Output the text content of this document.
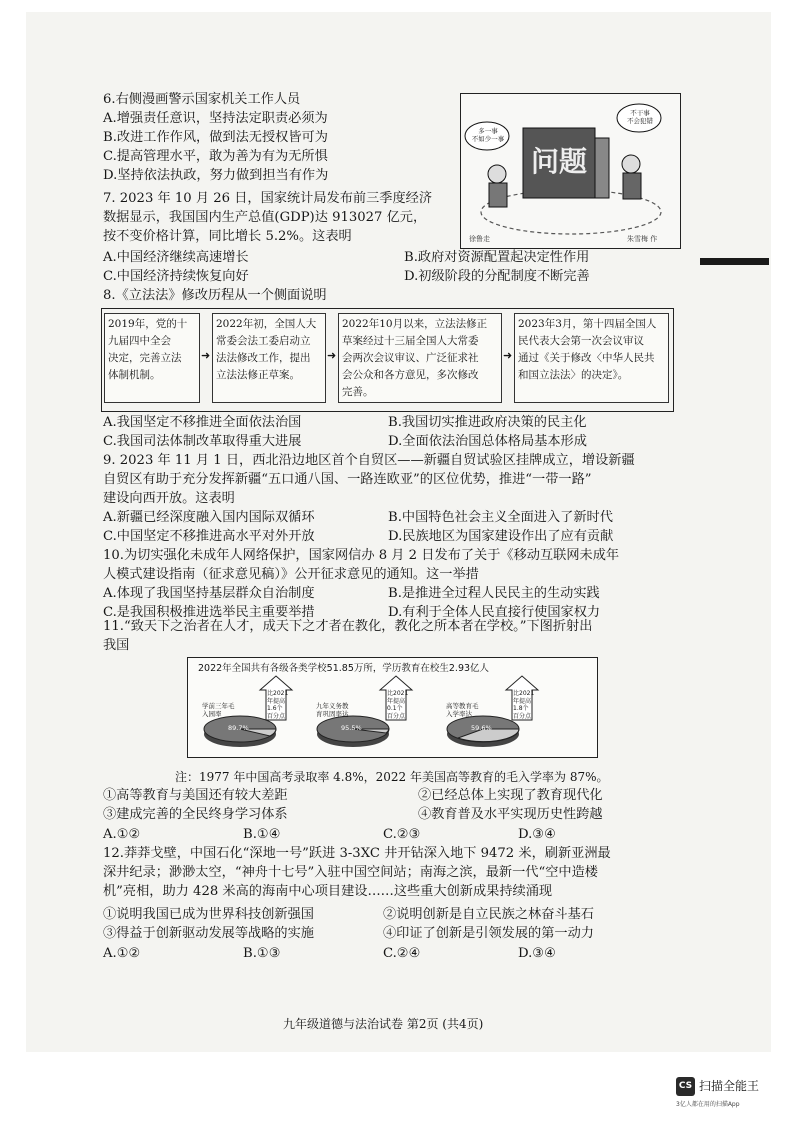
6.右侧漫画警示国家机关工作人员
A.增强责任意识，坚持法定职责必须为
B.改进工作作风，做到法无授权皆可为
C.提高管理水平，敢为善为有为无所惧
D.坚持依法执政，努力做到担当有作为	问题
多一事
不如少一事
不干事
不会犯错
徐鲁走	朱雪梅 作
7. 2023 年 10 月 26 日，国家统计局发布前三季度经济
数据显示，我国国内生产总值(GDP)达 913027 亿元，
按不变价格计算，同比增长 5.2%。这表明
A.中国经济继续高速增长	B.政府对资源配置起决定性作用
C.中国经济持续恢复向好	D.初级阶段的分配制度不断完善
8.《立法法》修改历程从一个侧面说明
2019年，党的十
九届四中全会
决定，完善立法
体制机制。
➜
2022年初，全国人大
常委会法工委启动立
法法修改工作，提出
立法法修正草案。
➜
2022年10月以来，立法法修正
草案经过十三届全国人大常委
会两次会议审议、广泛征求社
会公众和各方意见，多次修改
完善。
➜
2023年3月，第十四届全国人
民代表大会第一次会议审议
通过《关于修改〈中华人民共
和国立法法〉的决定》。
A.我国坚定不移推进全面依法治国	B.我国切实推进政府决策的民主化
C.我国司法体制改革取得重大进展	D.全面依法治国总体格局基本形成
9. 2023 年 11 月 1 日，西北沿边地区首个自贸区——新疆自贸试验区挂牌成立，增设新疆
自贸区有助于充分发挥新疆“五口通八国、一路连欧亚”的区位优势，推进“一带一路”
建设向西开放。这表明
A.新疆已经深度融入国内国际双循环	B.中国特色社会主义全面进入了新时代
C.中国坚定不移推进高水平对外开放	D.民族地区为国家建设作出了应有贡献
10.为切实强化未成年人网络保护，国家网信办 8 月 2 日发布了关于《移动互联网未成年
人模式建设指南（征求意见稿）》公开征求意见的通知。这一举措
A.体现了我国坚持基层群众自治制度	B.是推进全过程人民民主的生动实践
C.是我国积极推进选举民主重要举措	D.有利于全体人民直接行使国家权力
11.“致天下之治者在人才，成天下之才者在教化，教化之所本者在学校。”下图折射出
我国
2022年全国共有各级各类学校51.85万所，学历教育在校生2.93亿人
学前三年毛
入园率
89.7%
比2021
年提高
1.6个
百分点
九年义务教
育巩固率达
95.5%
比2021
年提高
0.1个
百分点
高等教育毛
入学率达
59.6%
比2021
年提高
1.8个
百分点
注：1977 年中国高考录取率 4.8%，2022 年美国高等教育的毛入学率为 87%。
①高等教育与美国还有较大差距	②已经总体上实现了教育现代化
③建成完善的全民终身学习体系	④教育普及水平实现历史性跨越
A.①②	B.①④	C.②③	D.③④
12.莽莽戈壁，中国石化“深地一号”跃进 3-3XC 井开钻深入地下 9472 米，刷新亚洲最
深井纪录；渺渺太空，“神舟十七号”入驻中国空间站；南海之滨，最新一代“空中造楼
机”亮相，助力 428 米高的海南中心项目建设……这些重大创新成果持续涌现
①说明我国已成为世界科技创新强国	②说明创新是自立民族之林奋斗基石
③得益于创新驱动发展等战略的实施	④印证了创新是引领发展的第一动力
A.①②	B.①③	C.②④	D.③④
九年级道德与法治试卷 第2页 (共4页)
CS 扫描全能王
3亿人都在用的扫描App
